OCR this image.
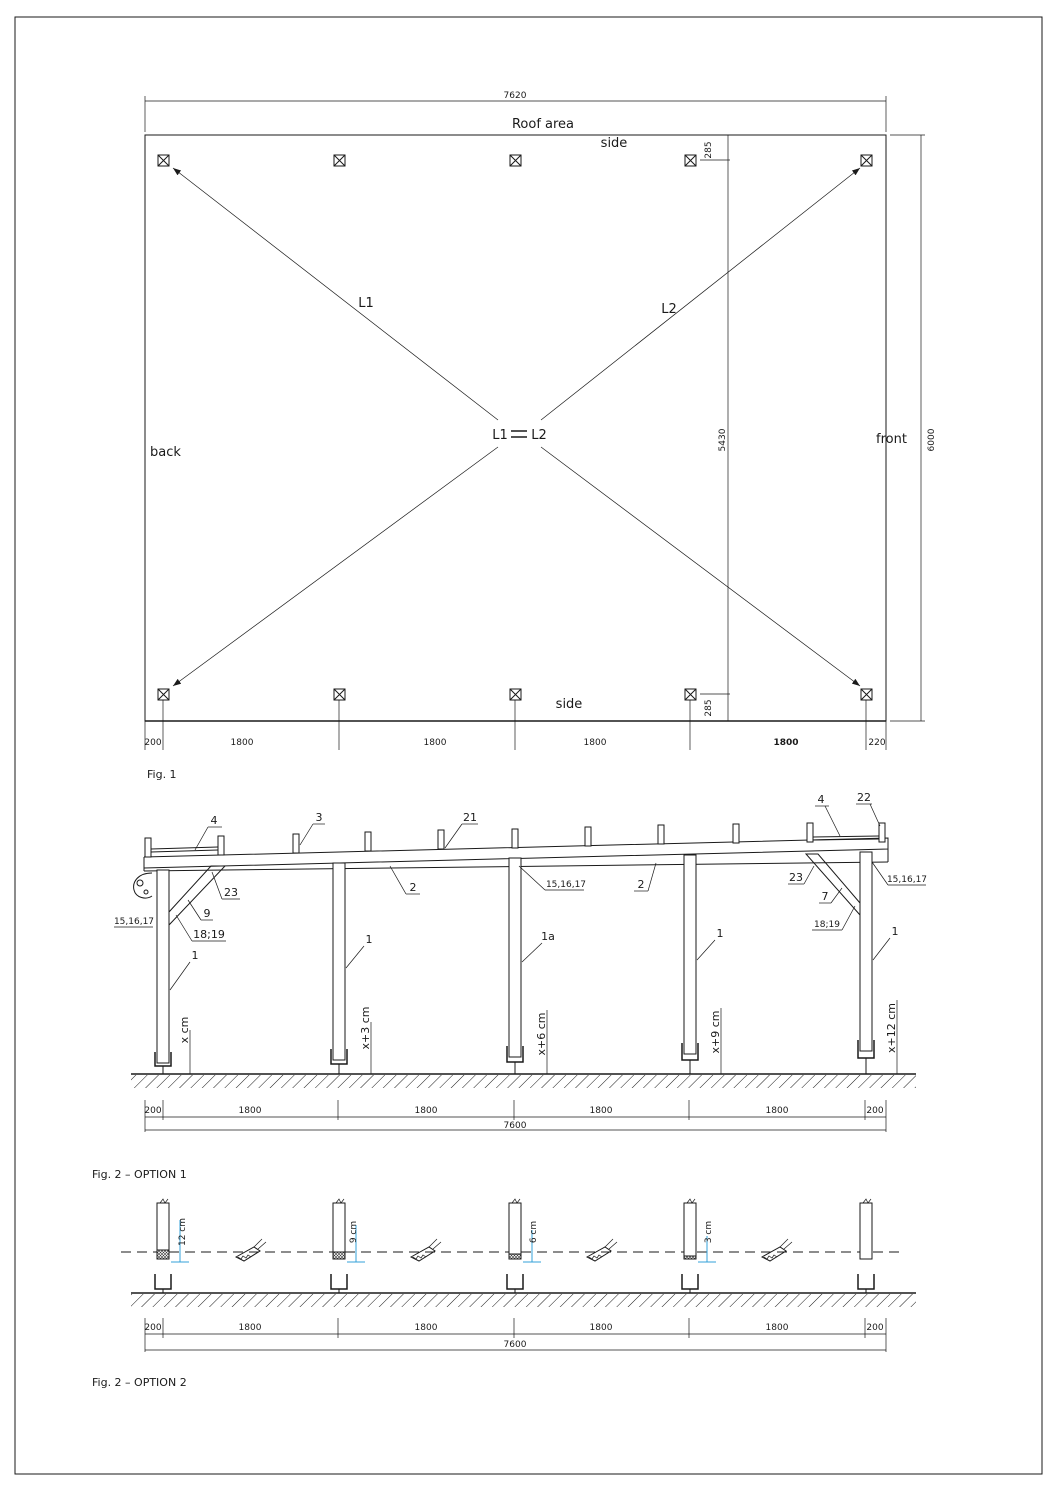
7620
Roof area
side
side
back
front
5430
285
285
6000
L1	L2
L1 L2
200	1800	1800	1800	1800	220
Fig. 1
x cm	x+3 cm	x+6 cm	x+9 cm	x+12 cm
4	3	21
4	22
23
9
18;19
15,16,17
2	2
15,16,17
23
7
18;19
15,16,17
1
1	1a	1	1
200	1800	1800	1800	1800	200
7600
Fig. 2 – OPTION 1
12 cm	9 cm	6 cm	3 cm
200	1800	1800	1800	1800	200
7600
Fig. 2 – OPTION 2
